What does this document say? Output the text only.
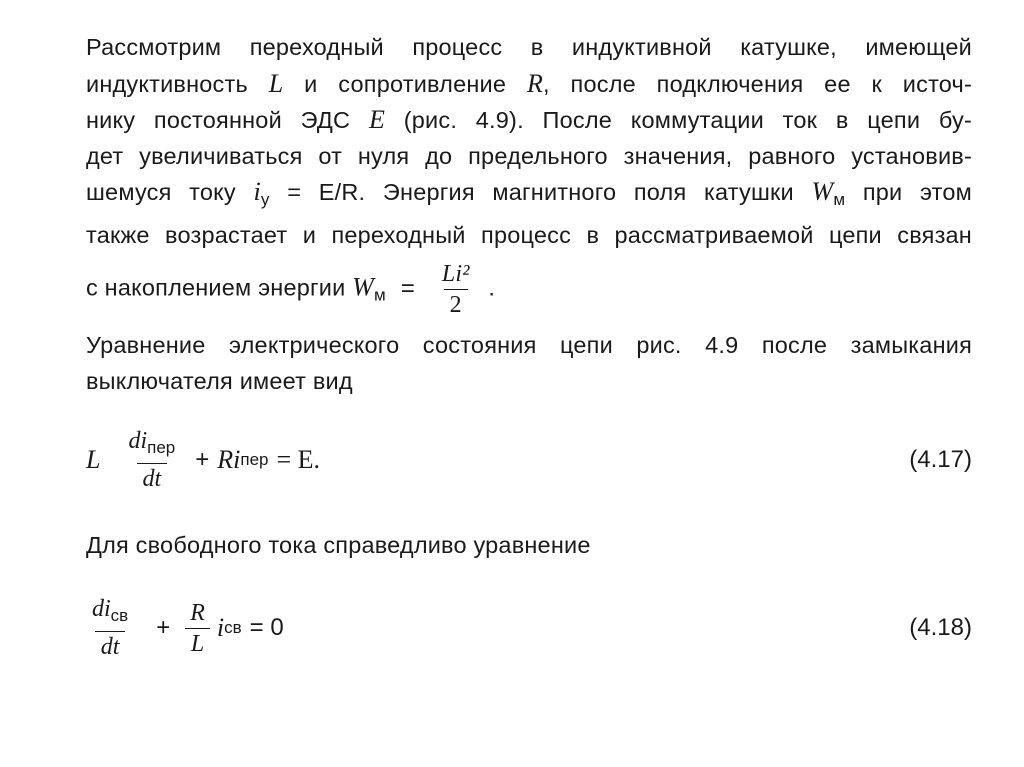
Рассмотрим переходный процесс в индуктивной катушке, имеющей
индуктивность L и сопротивление R, после подключения ее к источ-
нику постоянной ЭДС E (рис. 4.9). После коммутации ток в цепи бу-
дет увеличиваться от нуля до предельного значения, равного установив-
шемуся току $i_у = E/R$. Энергия магнитного поля катушки $W_м$ при этом
также возрастает и переходный процесс в рассматриваемой цепи связан
с накоплением энергии $W_м = \frac{\text{Li²}}{2}$ .
Уравнение электрического состояния цепи рис. 4.9 после замыкания
выключателя имеет вид
L $\frac{di_{пер}}{dt} + Ri$ пер = E.	(4.17)
Для свободного тока справедливо уравнение
$\frac{di_{св}}{dt} + \frac{R}{L}$ i св = 0	(4.18)
